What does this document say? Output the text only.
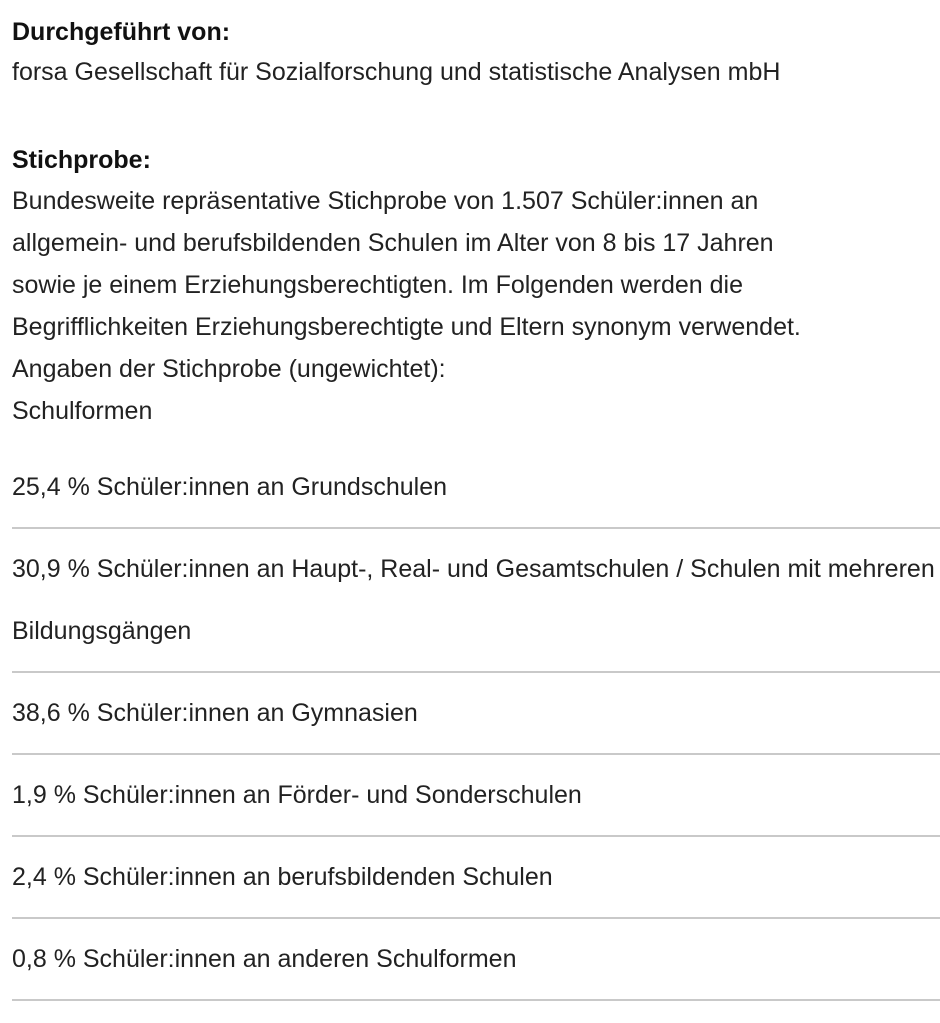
Durchgeführt von:

forsa Gesellschaft für Sozialforschung und statistische Analysen mbH

Stichprobe:

Bundesweite repräsentative Stichprobe von 1.507 Schüler:innen an

allgemein- und berufsbildenden Schulen im Alter von 8 bis 17 Jahren

sowie je einem Erziehungsberechtigten. Im Folgenden werden die

Begrifflichkeiten Erziehungsberechtigte und Eltern synonym verwendet.

Angaben der Stichprobe (ungewichtet):

Schulformen

25,4 % Schüler:innen an Grundschulen
30,9 % Schüler:innen an Haupt-, Real- und Gesamtschulen / Schulen mit mehreren Bildungsgängen
38,6 % Schüler:innen an Gymnasien
1,9 % Schüler:innen an Förder- und Sonderschulen
2,4 % Schüler:innen an berufsbildenden Schulen
0,8 % Schüler:innen an anderen Schulformen
